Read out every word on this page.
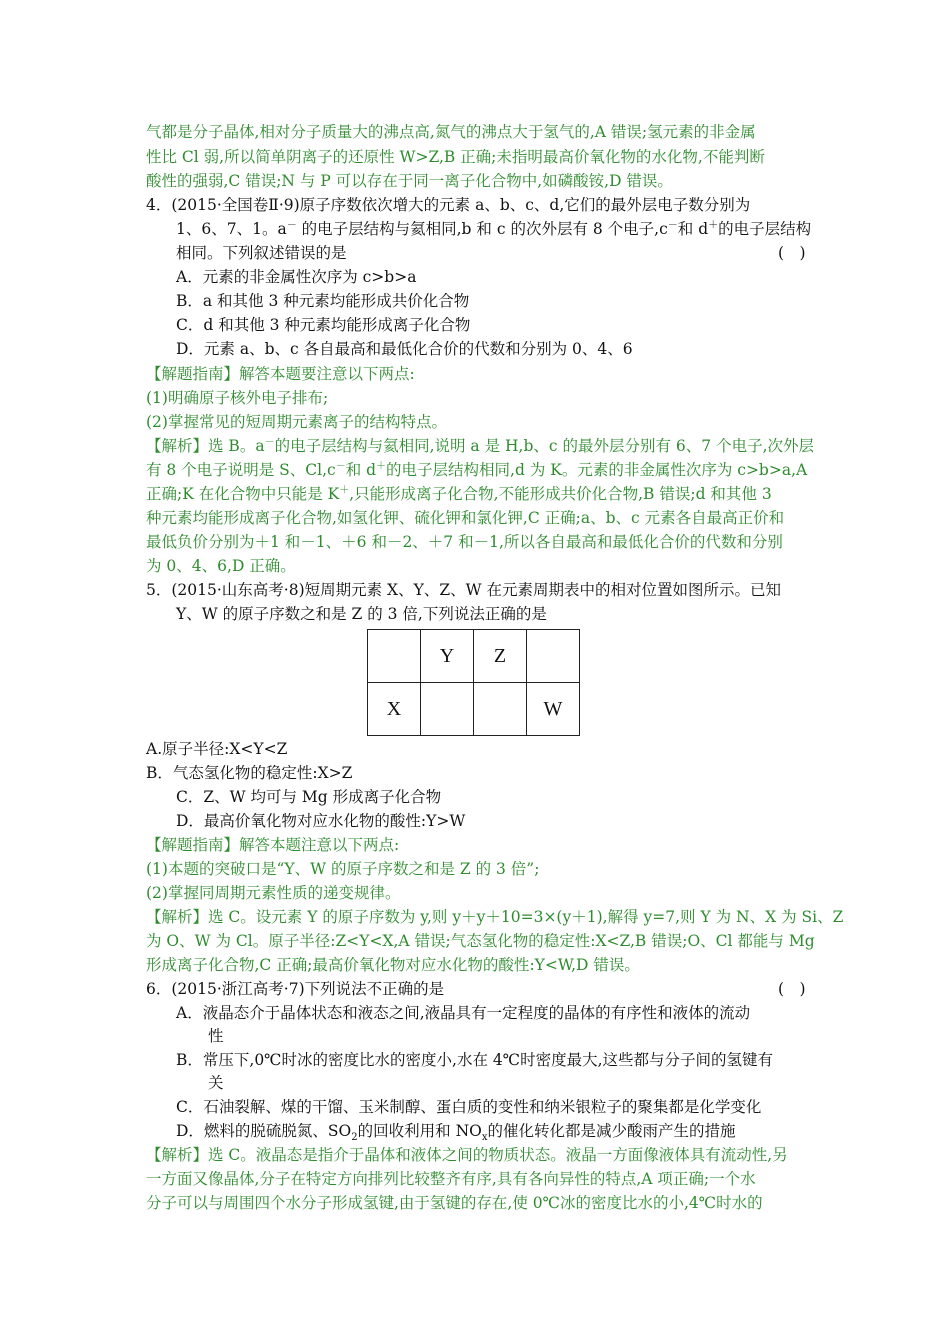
气都是分子晶体,相对分子质量大的沸点高,氮气的沸点大于氢气的,A 错误;氢元素的非金属
性比 Cl 弱,所以简单阴离子的还原性 W>Z,B 正确;未指明最高价氧化物的水化物,不能判断
酸性的强弱,C 错误;N 与 P 可以存在于同一离子化合物中,如磷酸铵,D 错误。
4．(2015·全国卷Ⅱ·9)原子序数依次增大的元素 a、b、c、d,它们的最外层电子数分别为
1、6、7、1。a－ 的电子层结构与氦相同,b 和 c 的次外层有 8 个电子,c－和 d＋的电子层结构
相同。下列叙述错误的是	(　)
A．元素的非金属性次序为 c>b>a
B．a 和其他 3 种元素均能形成共价化合物
C．d 和其他 3 种元素均能形成离子化合物
D．元素 a、b、c 各自最高和最低化合价的代数和分别为 0、4、6
【解题指南】解答本题要注意以下两点:
(1)明确原子核外电子排布;
(2)掌握常见的短周期元素离子的结构特点。
【解析】选 B。a－的电子层结构与氦相同,说明 a 是 H,b、c 的最外层分别有 6、7 个电子,次外层
有 8 个电子说明是 S、Cl,c－和 d＋的电子层结构相同,d 为 K。元素的非金属性次序为 c>b>a,A
正确;K 在化合物中只能是 K＋,只能形成离子化合物,不能形成共价化合物,B 错误;d 和其他 3
种元素均能形成离子化合物,如氢化钾、硫化钾和氯化钾,C 正确;a、b、c 元素各自最高正价和
最低负价分别为＋1 和－1、＋6 和－2、＋7 和－1,所以各自最高和最低化合价的代数和分别
为 0、4、6,D 正确。
5．(2015·山东高考·8)短周期元素 X、Y、Z、W 在元素周期表中的相对位置如图所示。已知
Y、W 的原子序数之和是 Z 的 3 倍,下列说法正确的是
	Y	Z	
X			W
A.原子半径:X<Y<Z
B．气态氢化物的稳定性:X>Z
C．Z、W 均可与 Mg 形成离子化合物
D．最高价氧化物对应水化物的酸性:Y>W
【解题指南】解答本题注意以下两点:
(1)本题的突破口是“Y、W 的原子序数之和是 Z 的 3 倍”;
(2)掌握同周期元素性质的递变规律。
【解析】选 C。设元素 Y 的原子序数为 y,则 y＋y＋10=3×(y＋1),解得 y=7,则 Y 为 N、X 为 Si、Z
为 O、W 为 Cl。原子半径:Z<Y<X,A 错误;气态氢化物的稳定性:X<Z,B 错误;O、Cl 都能与 Mg
形成离子化合物,C 正确;最高价氧化物对应水化物的酸性:Y<W,D 错误。
6．(2015·浙江高考·7)下列说法不正确的是	(　)
A．液晶态介于晶体状态和液态之间,液晶具有一定程度的晶体的有序性和液体的流动
性
B．常压下,0℃时冰的密度比水的密度小,水在 4℃时密度最大,这些都与分子间的氢键有
关
C．石油裂解、煤的干馏、玉米制醇、蛋白质的变性和纳米银粒子的聚集都是化学变化
D．燃料的脱硫脱氮、$SO_2$的回收利用和 $NO_x$的催化转化都是减少酸雨产生的措施
【解析】选 C。液晶态是指介于晶体和液体之间的物质状态。液晶一方面像液体具有流动性,另
一方面又像晶体,分子在特定方向排列比较整齐有序,具有各向异性的特点,A 项正确;一个水
分子可以与周围四个水分子形成氢键,由于氢键的存在,使 0℃冰的密度比水的小,4℃时水的
